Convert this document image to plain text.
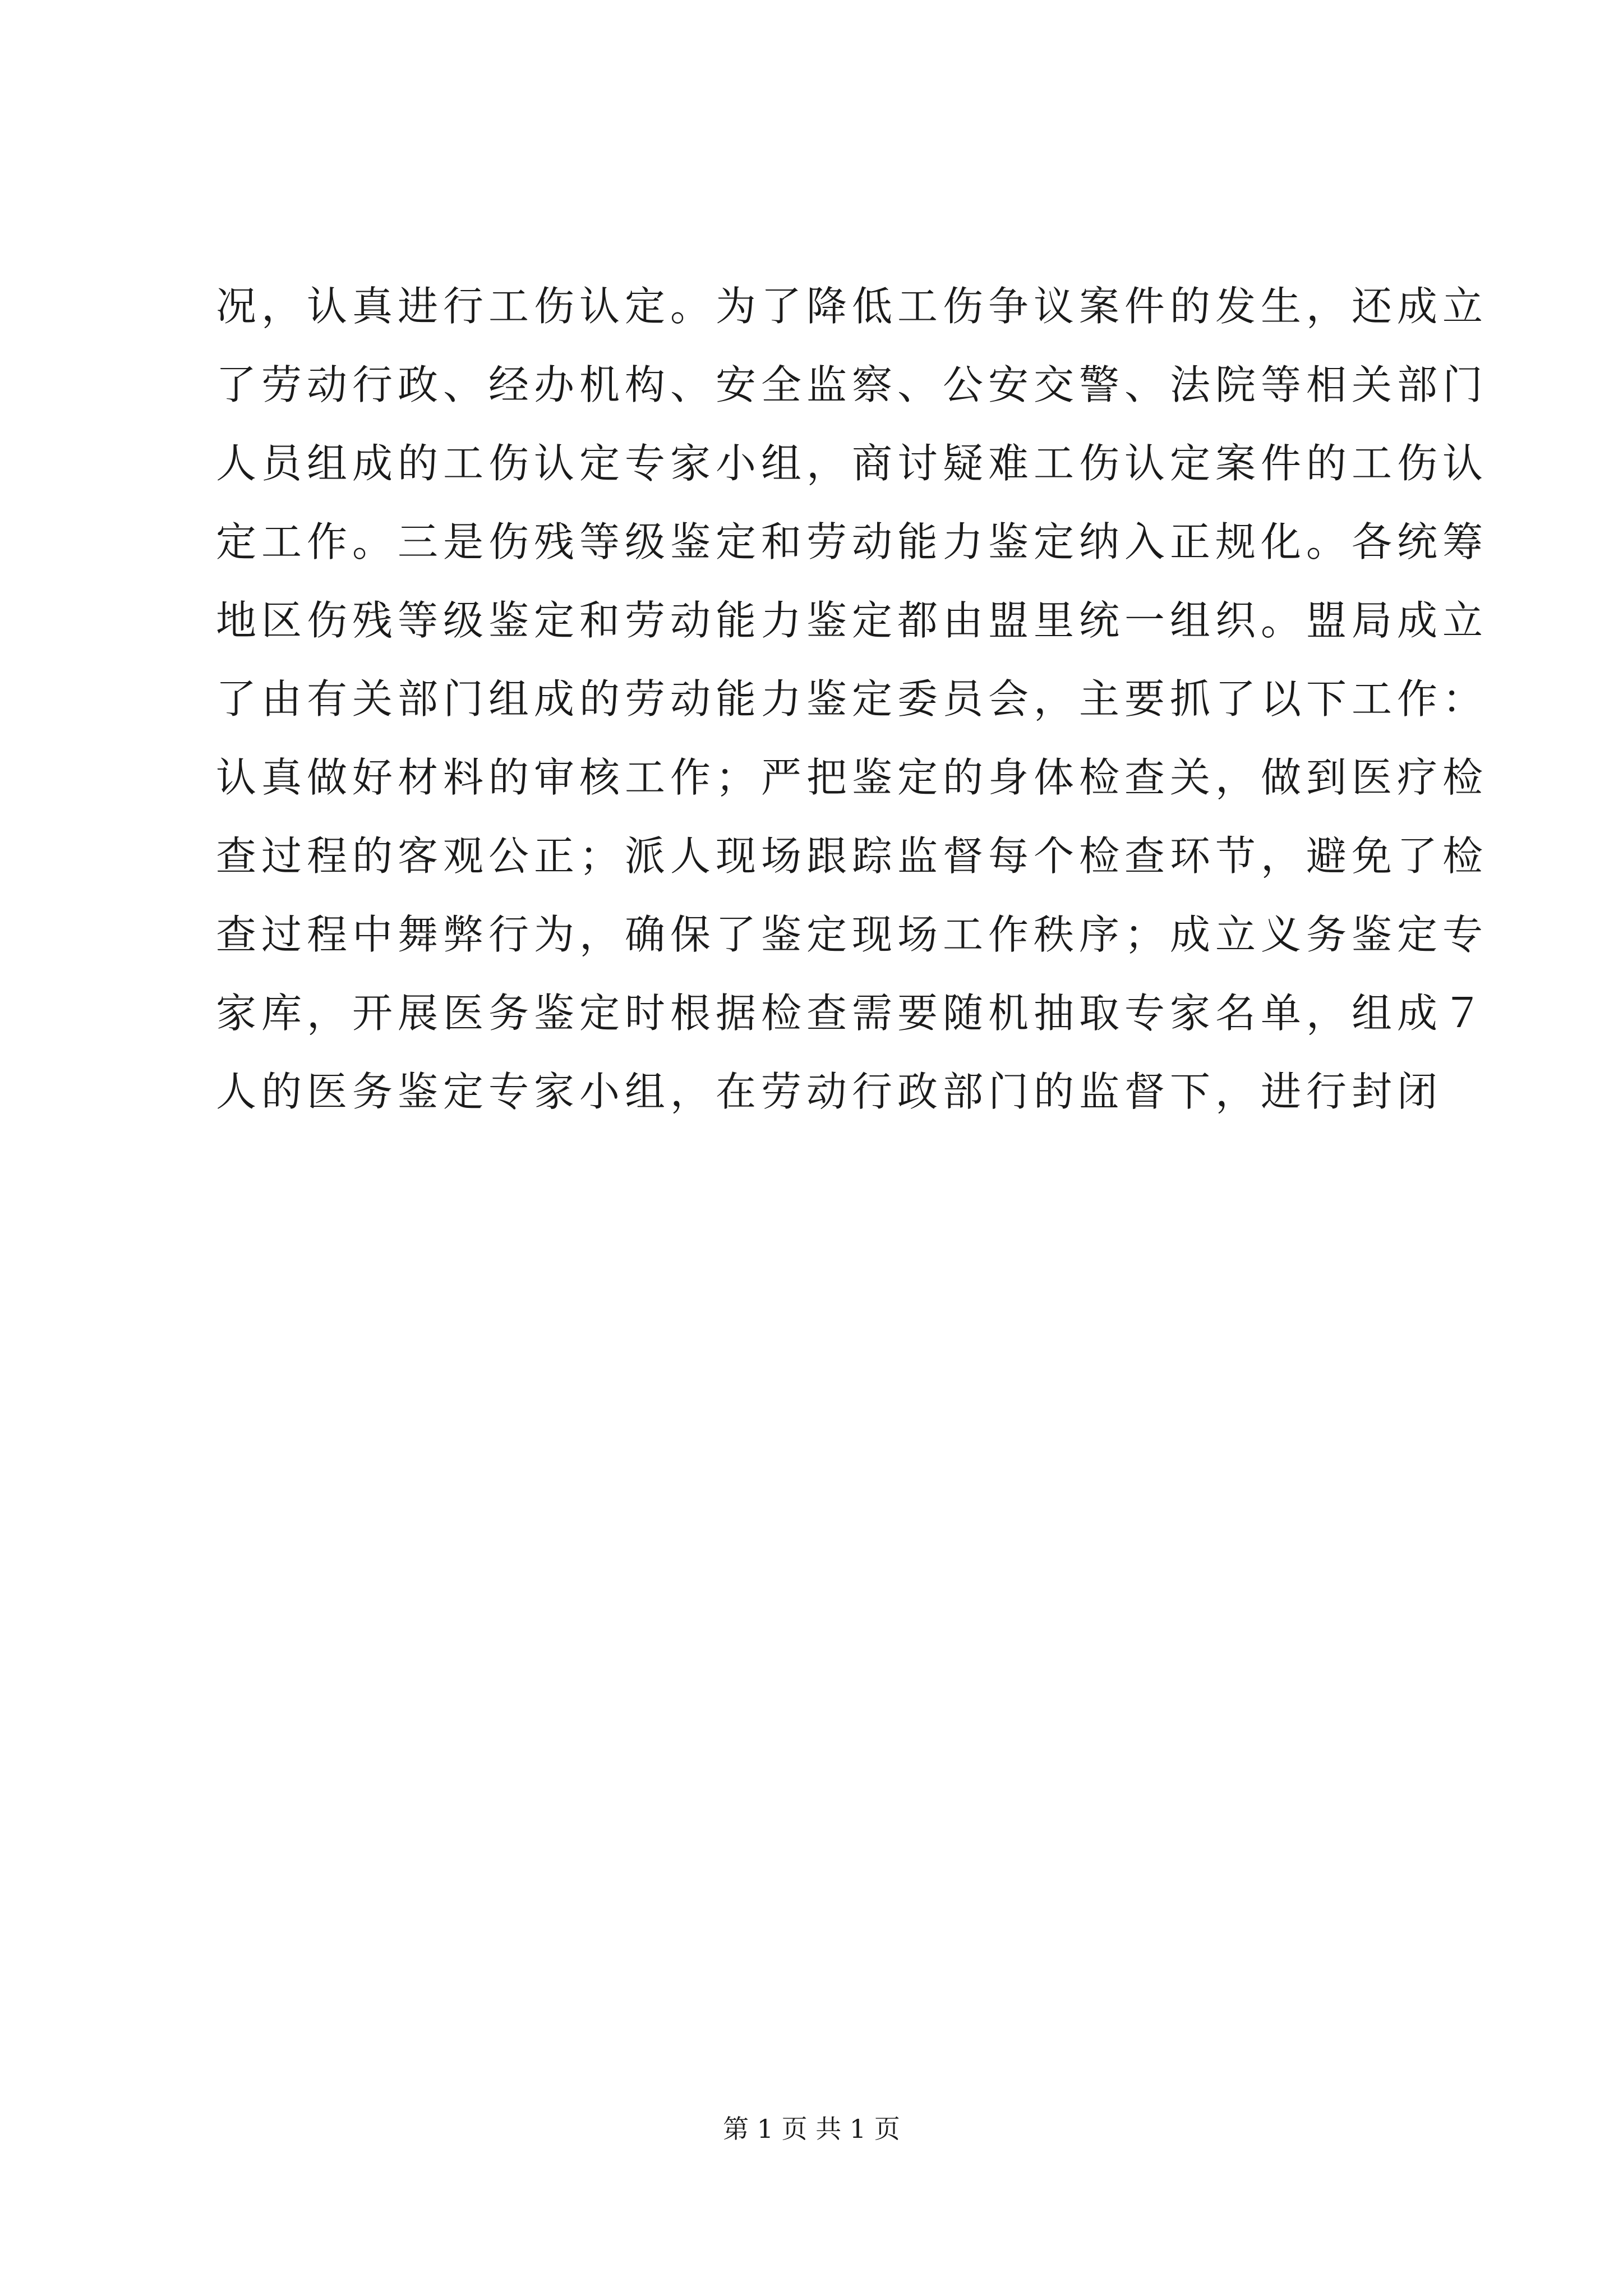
况，认真进行工伤认定。为了降低工伤争议案件的发生，还成立
了劳动行政、经办机构、安全监察、公安交警、法院等相关部门
人员组成的工伤认定专家小组，商讨疑难工伤认定案件的工伤认
定工作。三是伤残等级鉴定和劳动能力鉴定纳入正规化。各统筹
地区伤残等级鉴定和劳动能力鉴定都由盟里统一组织。盟局成立
了由有关部门组成的劳动能力鉴定委员会，主要抓了以下工作：
认真做好材料的审核工作；严把鉴定的身体检查关，做到医疗检
查过程的客观公正；派人现场跟踪监督每个检查环节，避免了检
查过程中舞弊行为，确保了鉴定现场工作秩序；成立义务鉴定专
家库，开展医务鉴定时根据检查需要随机抽取专家名单，组成７
人的医务鉴定专家小组，在劳动行政部门的监督下，进行封闭
第 1 页 共 1 页
